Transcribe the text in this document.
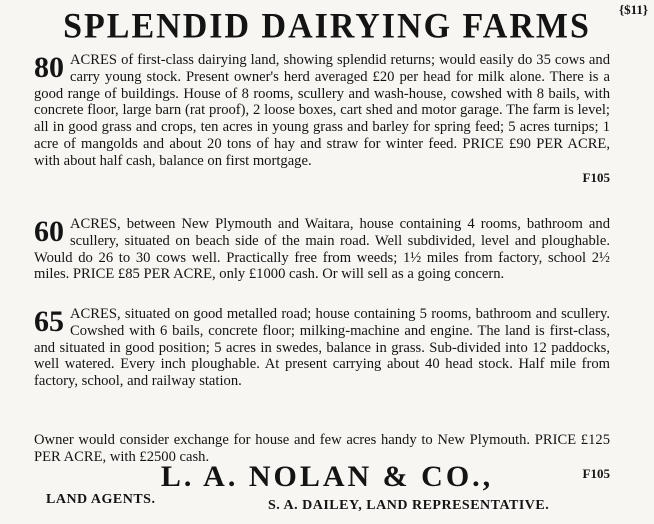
{$11}
SPLENDID DAIRYING FARMS
80 ACRES of first-class dairying land, showing splendid returns; would easily do 35 cows and carry young stock. Present owner's herd averaged £20 per head for milk alone. There is a good range of buildings. House of 8 rooms, scullery and wash-house, cowshed with 8 bails, with concrete floor, large barn (rat proof), 2 loose boxes, cart shed and motor garage. The farm is level; all in good grass and crops, ten acres in young grass and barley for spring feed; 5 acres turnips; 1 acre of mangolds and about 20 tons of hay and straw for winter feed. PRICE £90 PER ACRE, with about half cash, balance on first mortgage.

F105
60 ACRES, between New Plymouth and Waitara, house containing 4 rooms, bathroom and scullery, situated on beach side of the main road. Well subdivided, level and ploughable. Would do 26 to 30 cows well. Practically free from weeds; 1½ miles from factory, school 2½ miles. PRICE £85 PER ACRE, only £1000 cash. Or will sell as a going concern.

65 ACRES, situated on good metalled road; house containing 5 rooms, bathroom and scullery. Cowshed with 6 bails, concrete floor; milking-machine and engine. The land is first-class, and situated in good position; 5 acres in swedes, balance in grass. Sub-divided into 12 paddocks, well watered. Every inch ploughable. At present carrying about 40 head stock. Half mile from factory, school, and railway station.

Owner would consider exchange for house and few acres handy to New Plymouth. PRICE £125 PER ACRE, with £2500 cash.
F105
L. A. NOLAN & CO.,
LAND AGENTS.	S. A. DAILEY, LAND REPRESENTATIVE.
